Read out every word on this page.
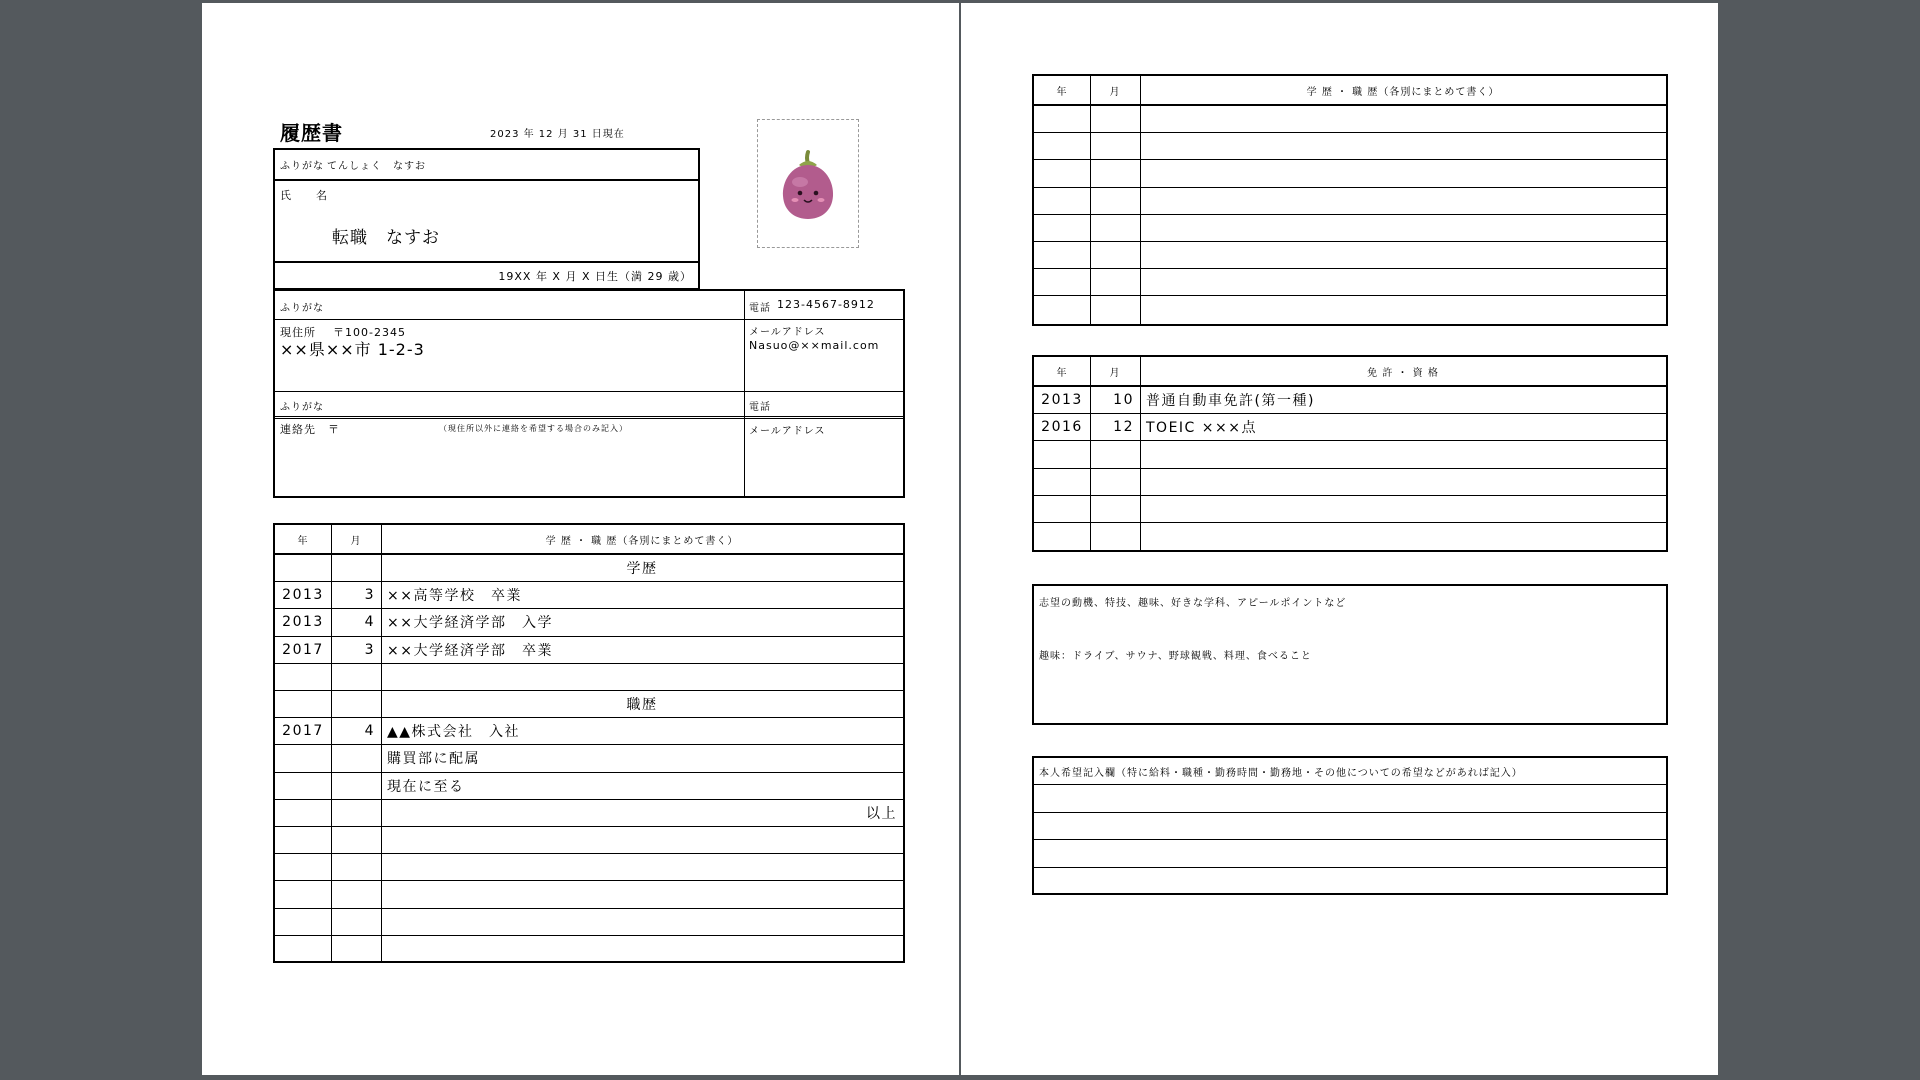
履歴書	2023 年 12 月 31 日現在
ふりがな てんしょく　なすお
氏　　名
転職　なすお
19XX 年 X 月 X 日生（満 29 歳）
ふりがな
現住所 〒100-2345
××県××市 1-2-3
電話 123-4567-8912
メールアドレス
Nasuo@××mail.com
ふりがな
連絡先　〒	（現住所以外に連絡を希望する場合のみ記入）
電話
メールアドレス
年	月	学 歴 ・ 職 歴（各別にまとめて書く）
学歴
2013	3 ××高等学校　卒業
2013	4 ××大学経済学部　入学
2017	3 ××大学経済学部　卒業
職歴
2017	4 ▲▲株式会社　入社
購買部に配属
現在に至る
以上
年	月	学 歴 ・ 職 歴（各別にまとめて書く）
年	月	免 許 ・ 資 格
2013	10 普通自動車免許(第一種)
2016	12 TOEIC ×××点
志望の動機、特技、趣味、好きな学科、アピールポイントなど
趣味：ドライブ、サウナ、野球観戦、料理、食べること
本人希望記入欄（特に給料・職種・勤務時間・勤務地・その他についての希望などがあれば記入）
